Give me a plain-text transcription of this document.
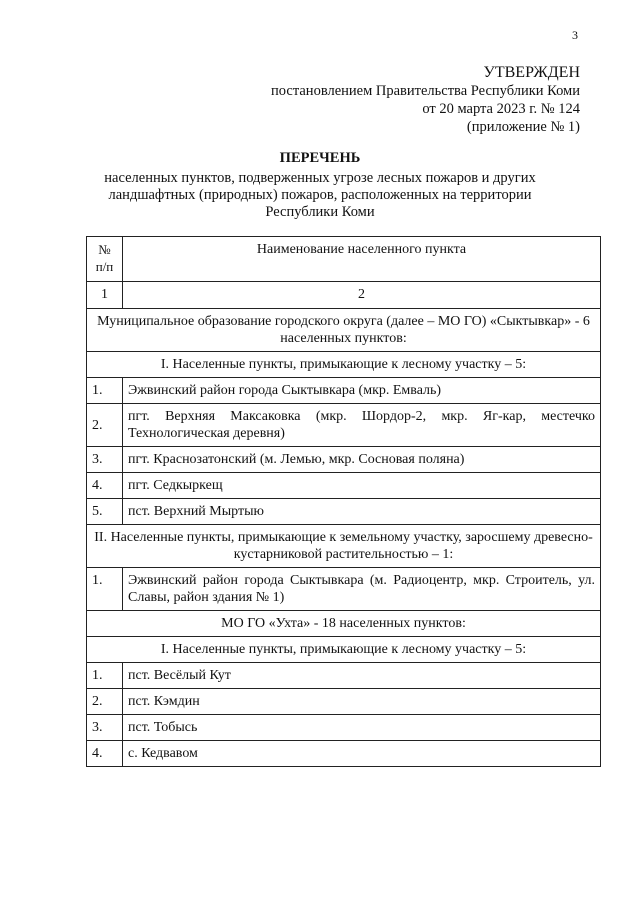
3
УТВЕРЖДЕН
постановлением Правительства Республики Коми
от 20 марта 2023 г. № 124
(приложение № 1)
ПЕРЕЧЕНЬ
населенных пунктов, подверженных угрозе лесных пожаров и других ландшафтных (природных) пожаров, расположенных на территории Республики Коми
№ п/п	Наименование населенного пункта
1	2
Муниципальное образование городского округа (далее – МО ГО) «Сыктывкар» - 6 населенных пунктов:	
I. Населенные пункты, примыкающие к лесному участку – 5:	
1.	Эжвинский район города Сыктывкара (мкр. Емваль)
2.	пгт. Верхняя Максаковка (мкр. Шордор-2, мкр. Яг-кар, местечко Технологическая деревня)
3.	пгт. Краснозатонский (м. Лемью, мкр. Сосновая поляна)
4.	пгт. Седкыркещ
5.	пст. Верхний Мыртыю
II. Населенные пункты, примыкающие к земельному участку, заросшему древесно-кустарниковой растительностью – 1:	
1.	Эжвинский район города Сыктывкара (м. Радиоцентр, мкр. Строитель, ул. Славы, район здания № 1)
МО ГО «Ухта» - 18 населенных пунктов:	
I. Населенные пункты, примыкающие к лесному участку – 5:	
1.	пст. Весёлый Кут
2.	пст. Кэмдин
3.	пст. Тобысь
4.	с. Кедвавом
